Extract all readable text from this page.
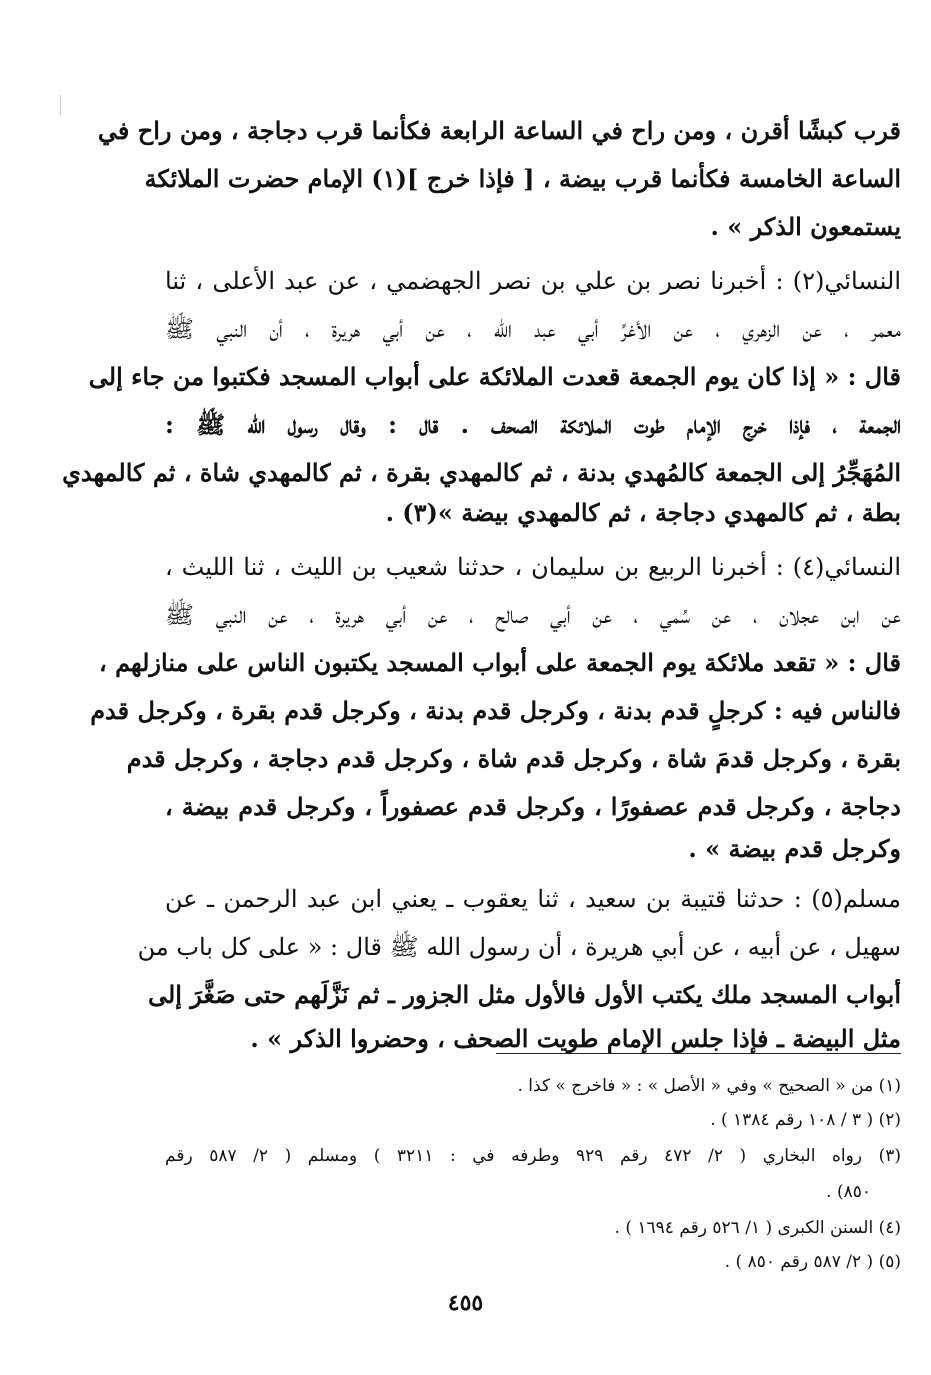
قرب كبشًا أقرن ، ومن راح في الساعة الرابعة فكأنما قرب دجاجة ، ومن راح في
الساعة الخامسة فكأنما قرب بيضة ، [ فإذا خرج ](١) الإمام حضرت الملائكة
يستمعون الذكر » .
النسائي(٢) : أخبرنا نصر بن علي بن نصر الجهضمي ، عن عبد الأعلى ، ثنا
معمر ، عن الزهري ، عن الأغرِّ أبي عبد الله ، عن أبي هريرة ، أن النبي ﷺ
قال : « إذا كان يوم الجمعة قعدت الملائكة على أبواب المسجد فكتبوا من جاء إلى
الجمعة ، فإذا خرج الإمام طوت الملائكة الصحف . قال : وقال رسول الله ﷺ :
المُهَجِّرُ إلى الجمعة كالمُهدي بدنة ، ثم كالمهدي بقرة ، ثم كالمهدي شاة ، ثم كالمهدي
بطة ، ثم كالمهدي دجاجة ، ثم كالمهدي بيضة »(٣) .
النسائي(٤) : أخبرنا الربيع بن سليمان ، حدثنا شعيب بن الليث ، ثنا الليث ،
عن ابن عجلان ، عن سُمي ، عن أبي صالح ، عن أبي هريرة ، عن النبي ﷺ
قال : « تقعد ملائكة يوم الجمعة على أبواب المسجد يكتبون الناس على منازلهم ،
فالناس فيه : كرجلٍ قدم بدنة ، وكرجل قدم بدنة ، وكرجل قدم بقرة ، وكرجل قدم
بقرة ، وكرجل قدمَ شاة ، وكرجل قدم شاة ، وكرجل قدم دجاجة ، وكرجل قدم
دجاجة ، وكرجل قدم عصفورًا ، وكرجل قدم عصفوراً ، وكرجل قدم بيضة ،
وكرجل قدم بيضة » .
مسلم(٥) : حدثنا قتيبة بن سعيد ، ثنا يعقوب ـ يعني ابن عبد الرحمن ـ عن
سهيل ، عن أبيه ، عن أبي هريرة ، أن رسول الله ﷺ قال : « على كل باب من
أبواب المسجد ملك يكتب الأول فالأول مثل الجزور ـ ثم نَزَّلَهم حتى صَغَّرَ إلى
مثل البيضة ـ فإذا جلس الإمام طويت الصحف ، وحضروا الذكر » .
(١) من « الصحيح » وفي « الأصل » : « فاخرج » كذا .
(٢) ( ٣ / ١٠٨ رقم ١٣٨٤ ) .
(٣) رواه البخاري ( ٢/ ٤٧٢ رقم ٩٢٩ وطرفه في : ٣٢١١ ) ومسلم ( ٢/ ٥٨٧ رقم
٨٥٠) .
(٤) السنن الكبرى ( ١/ ٥٢٦ رقم ١٦٩٤ ) .
(٥) ( ٢/ ٥٨٧ رقم ٨٥٠ ) .
٤٥٥
